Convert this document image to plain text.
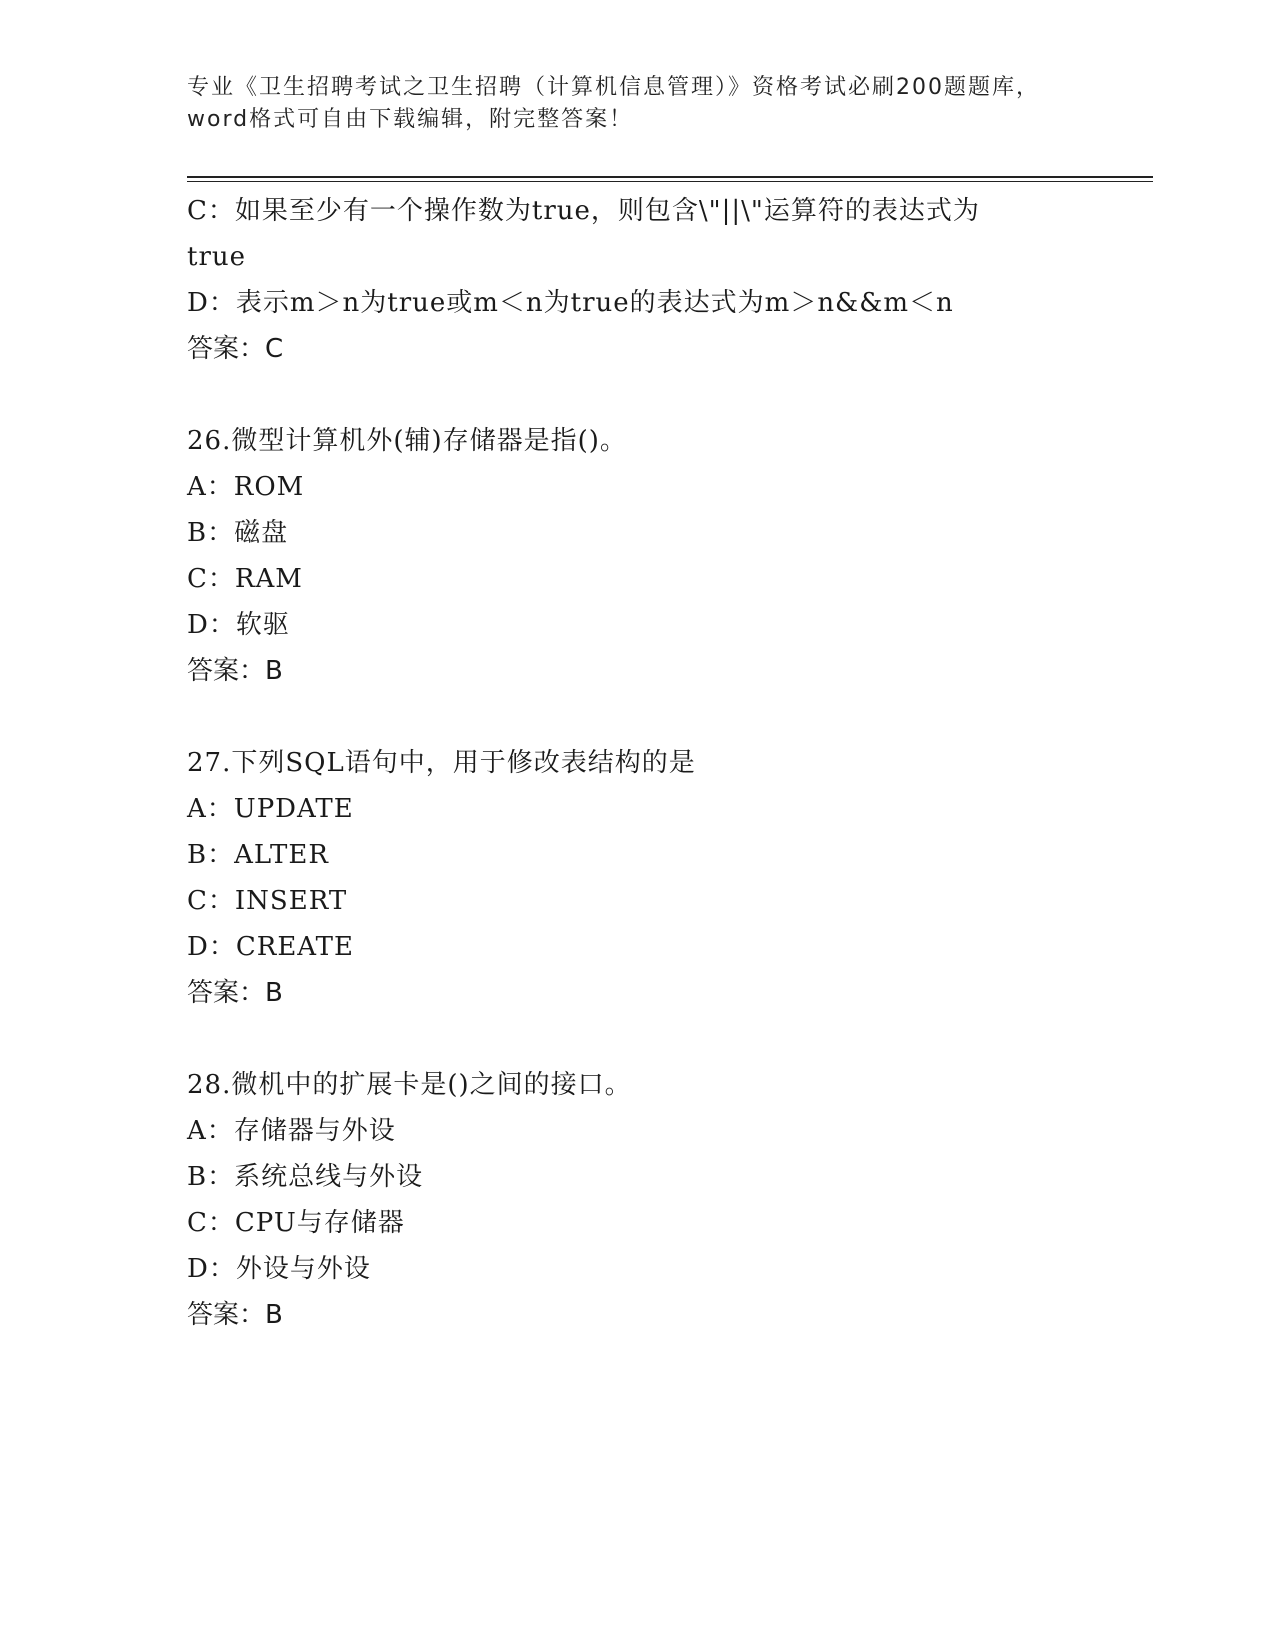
专业《卫生招聘考试之卫生招聘（计算机信息管理）》资格考试必刷200题题库，
word格式可自由下载编辑，附完整答案！
C：如果至少有一个操作数为true，则包含\"||\"运算符的表达式为
true
D：表示m＞n为true或m＜n为true的表达式为m＞n&&m＜n
答案：C
26.微型计算机外(辅)存储器是指()。
A：ROM
B：磁盘
C：RAM
D：软驱
答案：B
27.下列SQL语句中，用于修改表结构的是
A：UPDATE
B：ALTER
C：INSERT
D：CREATE
答案：B
28.微机中的扩展卡是()之间的接口。
A：存储器与外设
B：系统总线与外设
C：CPU与存储器
D：外设与外设
答案：B
